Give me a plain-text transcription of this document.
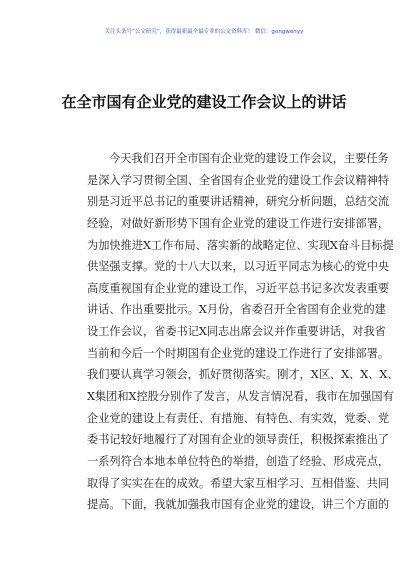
关注头条号“公文研究”，获得最新最全最专业的公文资料库！ 微信：gongwenyy
在全市国有企业党的建设工作会议上的讲话
今天我们召开全市国有企业党的建设工作会议，主要任务
是深入学习贯彻全国、全省国有企业党的建设工作会议精神特
别是习近平总书记的重要讲话精神，研究分析问题，总结交流
经验，对做好新形势下国有企业党的建设工作进行安排部署，
为加快推进X工作布局、落实新的战略定位、实现X奋斗目标提
供坚强支撑。党的十八大以来，以习近平同志为核心的党中央
高度重视国有企业党的建设工作，习近平总书记多次发表重要
讲话、作出重要批示。X月份，省委召开全省国有企业党的建
设工作会议，省委书记X同志出席会议并作重要讲话，对我省
当前和今后一个时期国有企业党的建设工作进行了安排部署。
我们要认真学习领会，抓好贯彻落实。刚才，X区、X、X、X、
X集团和X控股分别作了发言，从发言情况看，我市在加强国有
企业党的建设上有责任、有措施、有特色、有实效，党委、党
委书记较好地履行了对国有企业的领导责任，积极探索推出了
一系列符合本地本单位特色的举措，创造了经验、形成亮点，
取得了实实在在的成效。希望大家互相学习、互相借鉴、共同
提高。下面，我就加强我市国有企业党的建设，讲三个方面的
